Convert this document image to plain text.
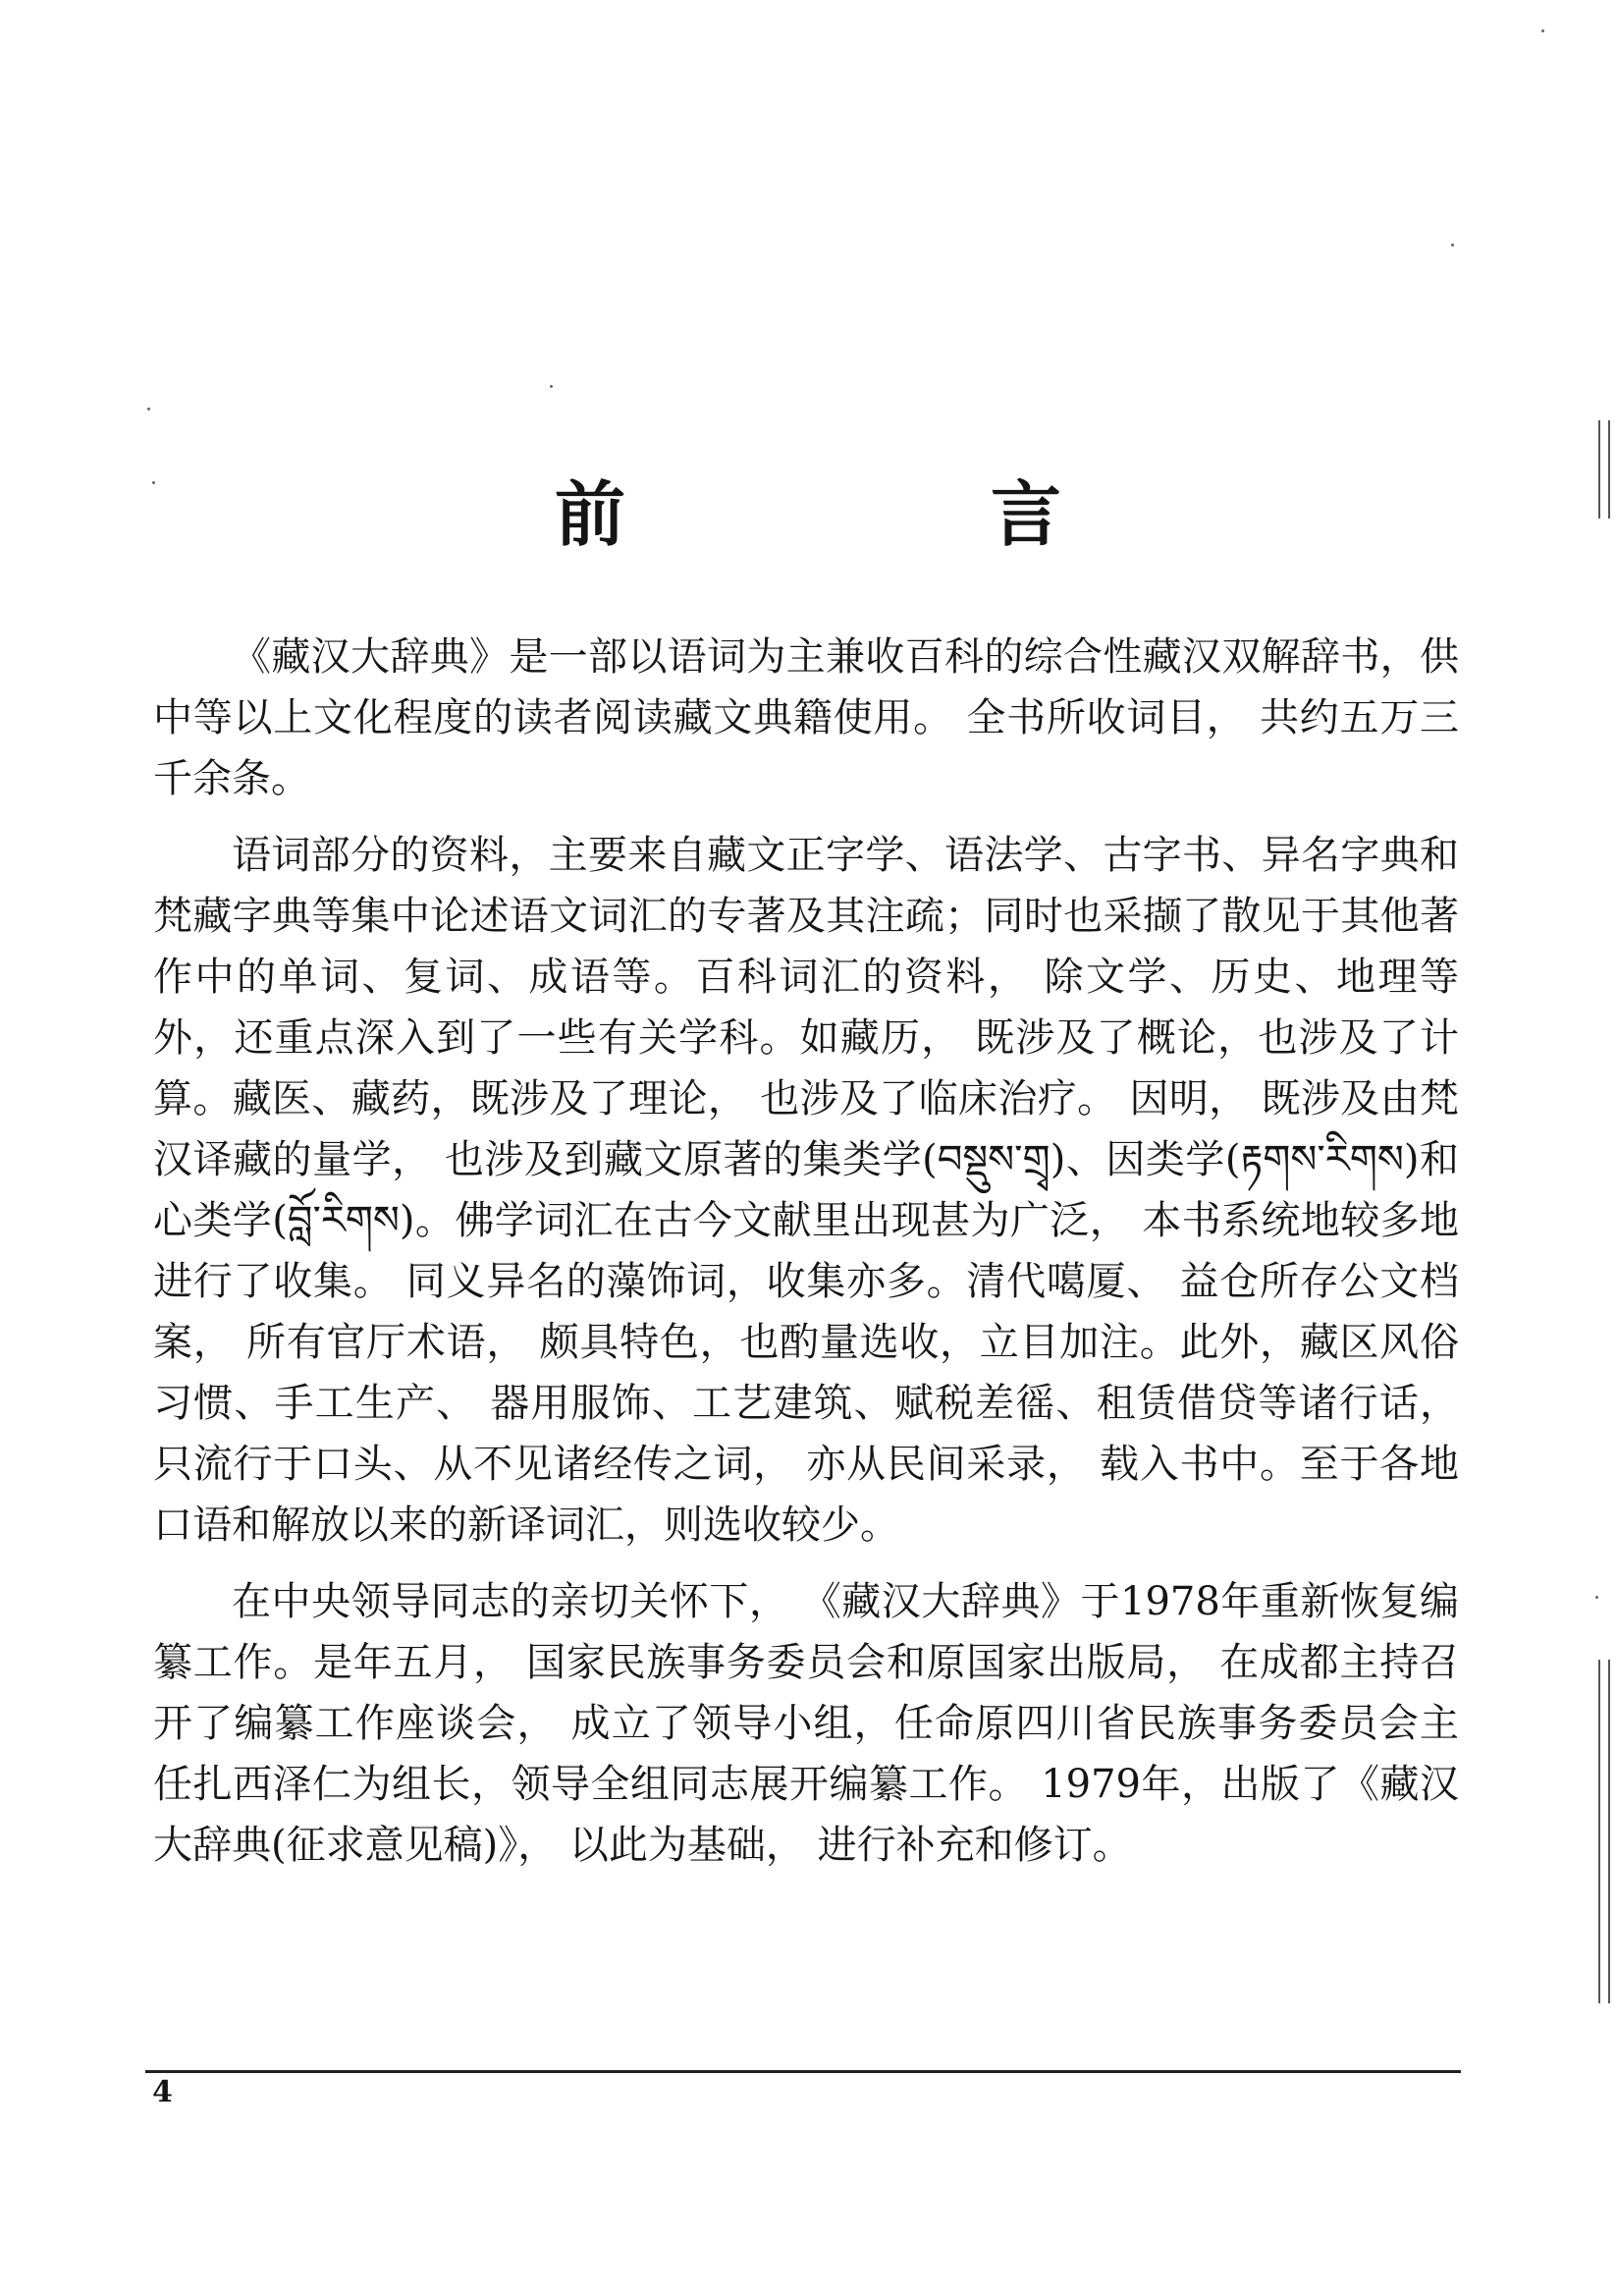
前　言

《藏汉大辞典》是一部以语词为主兼收百科的综合性藏汉双解辞书，供中等以上文化程度的读者阅读藏文典籍使用。 全书所收词目， 共约五万三千余条。

语词部分的资料，主要来自藏文正字学、语法学、古字书、异名字典和梵藏字典等集中论述语文词汇的专著及其注疏；同时也采撷了散见于其他著作中的单词、复词、成语等。百科词汇的资料， 除文学、历史、地理等外，还重点深入到了一些有关学科。如藏历， 既涉及了概论，也涉及了计算。藏医、藏药，既涉及了理论， 也涉及了临床治疗。 因明， 既涉及由梵汉译藏的量学， 也涉及到藏文原著的集类学(བསྡུས་གྲྭ)、因类学(རྟགས་རིགས)和心类学(བློ་རིགས)。佛学词汇在古今文献里出现甚为广泛， 本书系统地较多地进行了收集。 同义异名的藻饰词，收集亦多。清代噶厦、 益仓所存公文档案， 所有官厅术语， 颇具特色，也酌量选收，立目加注。此外，藏区风俗习惯、手工生产、 器用服饰、工艺建筑、赋税差徭、租赁借贷等诸行话， 只流行于口头、从不见诸经传之词， 亦从民间采录， 载入书中。至于各地口语和解放以来的新译词汇，则选收较少。

在中央领导同志的亲切关怀下， 《藏汉大辞典》于1978年重新恢复编纂工作。是年五月， 国家民族事务委员会和原国家出版局， 在成都主持召开了编纂工作座谈会， 成立了领导小组，任命原四川省民族事务委员会主任扎西泽仁为组长，领导全组同志展开编纂工作。 1979年，出版了《藏汉大辞典(征求意见稿)》， 以此为基础， 进行补充和修订。

4
